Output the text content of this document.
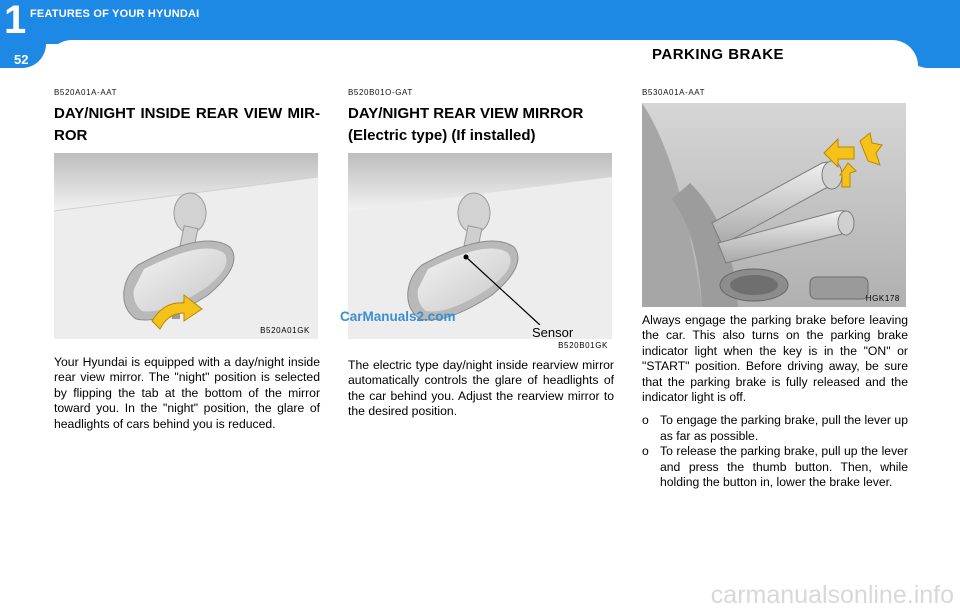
1 FEATURES OF YOUR HYUNDAI
52	PARKING BRAKE
B520A01A-AAT
DAY/NIGHT INSIDE REAR VIEW MIR- ROR
B520A01GK
Your Hyundai is equipped with a day/night inside rear view mirror. The "night" position is selected by flipping the tab at the bottom of the mirror toward you. In the "night" position, the glare of headlights of cars behind you is reduced.
B520B01O-GAT
DAY/NIGHT REAR VIEW MIRROR
(Electric type) (If installed)
Sensor
B520B01GK
The electric type day/night inside rearview mirror automatically controls the glare of headlights of the car behind you. Adjust the rearview mirror to the desired position.
CarManuals2.com
B530A01A-AAT
HGK178
Always engage the parking brake before leaving the car. This also turns on the parking brake indicator light when the key is in the "ON" or "START" position. Before driving away, be sure that the parking brake is fully released and the indicator light is off.
o To engage the parking brake, pull the lever up as far as possible.
o To release the parking brake, pull up the lever and press the thumb button. Then, while holding the button in, lower the brake lever.
carmanualsonline.info
